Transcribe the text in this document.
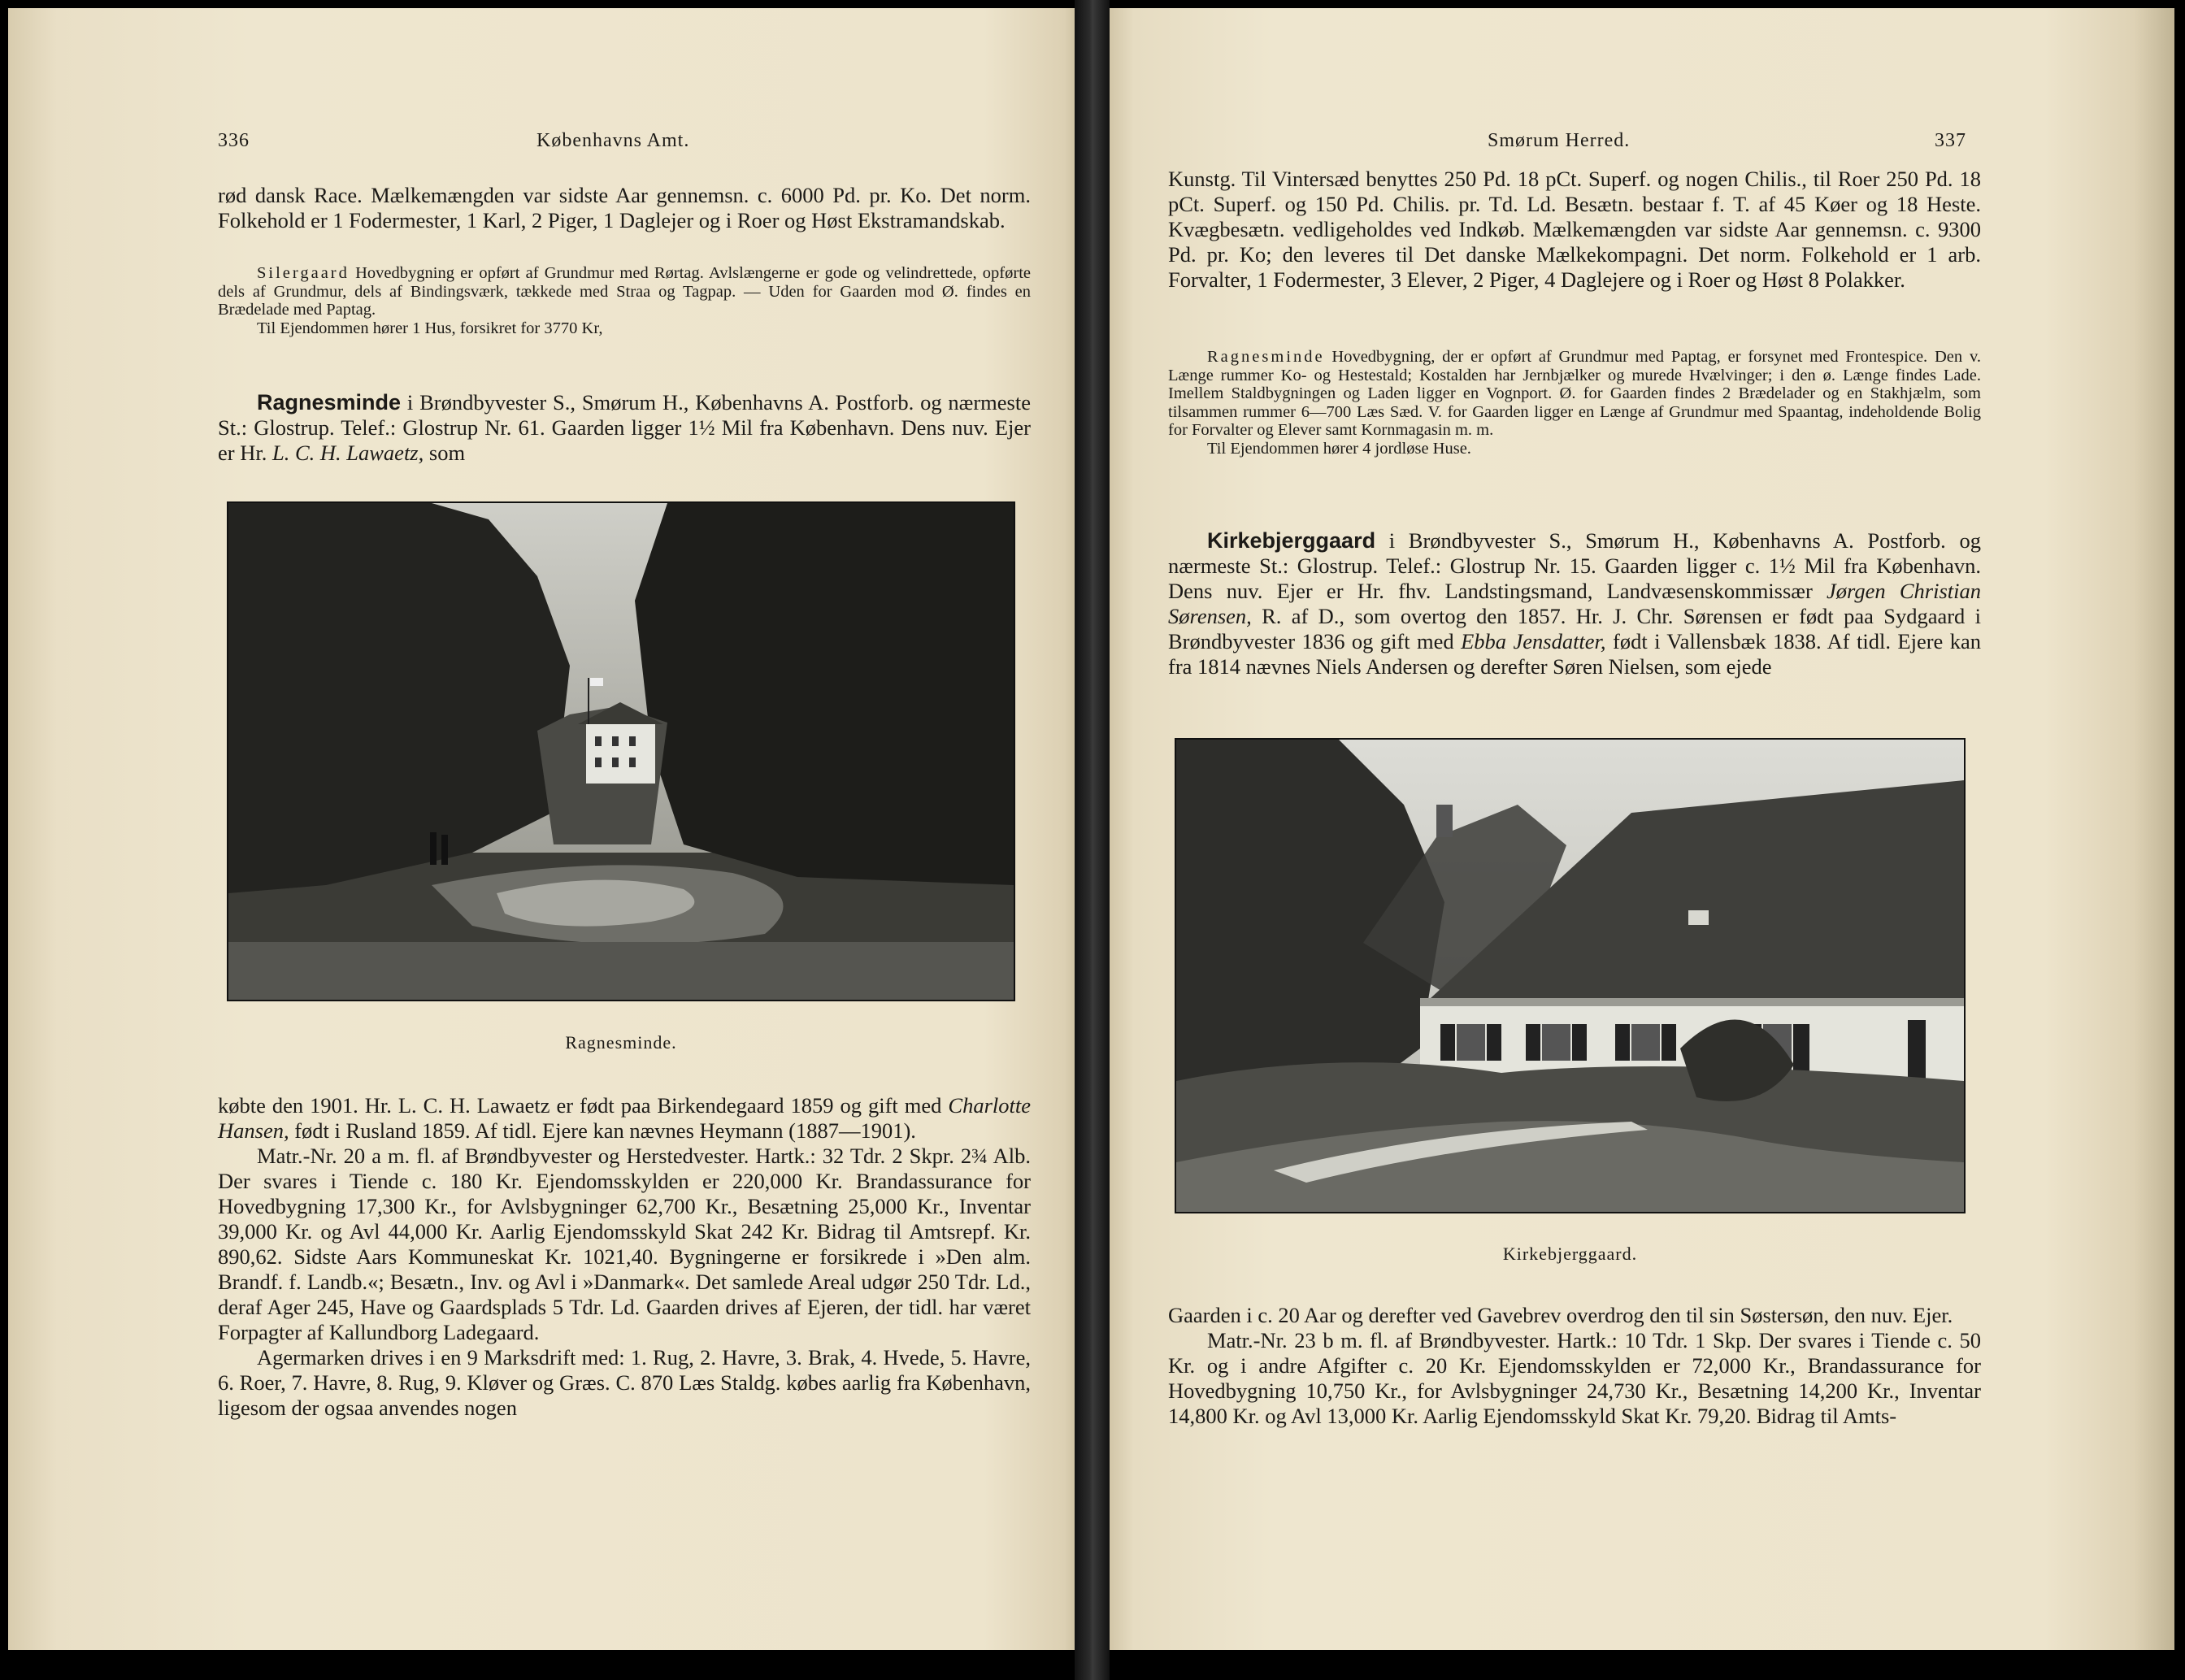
336	Københavns Amt.
rød dansk Race. Mælkemængden var sidste Aar gennemsn. c. 6000 Pd. pr. Ko. Det norm. Folkehold er 1 Fodermester, 1 Karl, 2 Piger, 1 Daglejer og i Roer og Høst Ekstramandskab.

Silergaard Hovedbygning er opført af Grundmur med Rørtag. Avlslængerne er gode og velindrettede, opførte dels af Grundmur, dels af Bindingsværk, tækkede med Straa og Tagpap. — Uden for Gaarden mod Ø. findes en Brædelade med Paptag.

Til Ejendommen hører 1 Hus, forsikret for 3770 Kr,

Ragnesminde i Brøndbyvester S., Smørum H., Københavns A. Postforb. og nærmeste St.: Glostrup. Telef.: Glostrup Nr. 61. Gaarden ligger 1½ Mil fra København. Dens nuv. Ejer er Hr. L. C. H. Lawaetz, som

Ragnesminde.

købte den 1901. Hr. L. C. H. Lawaetz er født paa Birkendegaard 1859 og gift med Charlotte Hansen, født i Rusland 1859. Af tidl. Ejere kan nævnes Heymann (1887—1901).

Matr.-Nr. 20 a m. fl. af Brøndbyvester og Herstedvester. Hartk.: 32 Tdr. 2 Skpr. 2¾ Alb. Der svares i Tiende c. 180 Kr. Ejendomsskylden er 220,000 Kr. Brandassurance for Hovedbygning 17,300 Kr., for Avlsbygninger 62,700 Kr., Besætning 25,000 Kr., Inventar 39,000 Kr. og Avl 44,000 Kr. Aarlig Ejendomsskyld Skat 242 Kr. Bidrag til Amtsrepf. Kr. 890,62. Sidste Aars Kommuneskat Kr. 1021,40. Bygningerne er forsikrede i »Den alm. Brandf. f. Landb.«; Besætn., Inv. og Avl i »Danmark«. Det samlede Areal udgør 250 Tdr. Ld., deraf Ager 245, Have og Gaardsplads 5 Tdr. Ld. Gaarden drives af Ejeren, der tidl. har været Forpagter af Kallundborg Ladegaard.

Agermarken drives i en 9 Marksdrift med: 1. Rug, 2. Havre, 3. Brak, 4. Hvede, 5. Havre, 6. Roer, 7. Havre, 8. Rug, 9. Kløver og Græs. C. 870 Læs Staldg. købes aarlig fra København, ligesom der ogsaa anvendes nogen

Smørum Herred.	337
Kunstg. Til Vintersæd benyttes 250 Pd. 18 pCt. Superf. og nogen Chilis., til Roer 250 Pd. 18 pCt. Superf. og 150 Pd. Chilis. pr. Td. Ld. Besætn. bestaar f. T. af 45 Køer og 18 Heste. Kvægbesætn. vedligeholdes ved Indkøb. Mælkemængden var sidste Aar gennemsn. c. 9300 Pd. pr. Ko; den leveres til Det danske Mælkekompagni. Det norm. Folkehold er 1 arb. Forvalter, 1 Fodermester, 3 Elever, 2 Piger, 4 Daglejere og i Roer og Høst 8 Polakker.

Ragnesminde Hovedbygning, der er opført af Grundmur med Paptag, er forsynet med Frontespice. Den v. Længe rummer Ko- og Hestestald; Kostalden har Jernbjælker og murede Hvælvinger; i den ø. Længe findes Lade. Imellem Staldbygningen og Laden ligger en Vognport. Ø. for Gaarden findes 2 Brædelader og en Stakhjælm, som tilsammen rummer 6—700 Læs Sæd. V. for Gaarden ligger en Længe af Grundmur med Spaantag, indeholdende Bolig for Forvalter og Elever samt Kornmagasin m. m.

Til Ejendommen hører 4 jordløse Huse.

Kirkebjerggaard i Brøndbyvester S., Smørum H., Københavns A. Postforb. og nærmeste St.: Glostrup. Telef.: Glostrup Nr. 15. Gaarden ligger c. 1½ Mil fra København. Dens nuv. Ejer er Hr. fhv. Landstingsmand, Landvæsenskommissær Jørgen Christian Sørensen, R. af D., som overtog den 1857. Hr. J. Chr. Sørensen er født paa Sydgaard i Brøndbyvester 1836 og gift med Ebba Jensdatter, født i Vallensbæk 1838. Af tidl. Ejere kan fra 1814 nævnes Niels Andersen og derefter Søren Nielsen, som ejede

Kirkebjerggaard.

Gaarden i c. 20 Aar og derefter ved Gavebrev overdrog den til sin Søstersøn, den nuv. Ejer.

Matr.-Nr. 23 b m. fl. af Brøndbyvester. Hartk.: 10 Tdr. 1 Skp. Der svares i Tiende c. 50 Kr. og i andre Afgifter c. 20 Kr. Ejendomsskylden er 72,000 Kr., Brandassurance for Hovedbygning 10,750 Kr., for Avlsbygninger 24,730 Kr., Besætning 14,200 Kr., Inventar 14,800 Kr. og Avl 13,000 Kr. Aarlig Ejendomsskyld Skat Kr. 79,20. Bidrag til Amts-
